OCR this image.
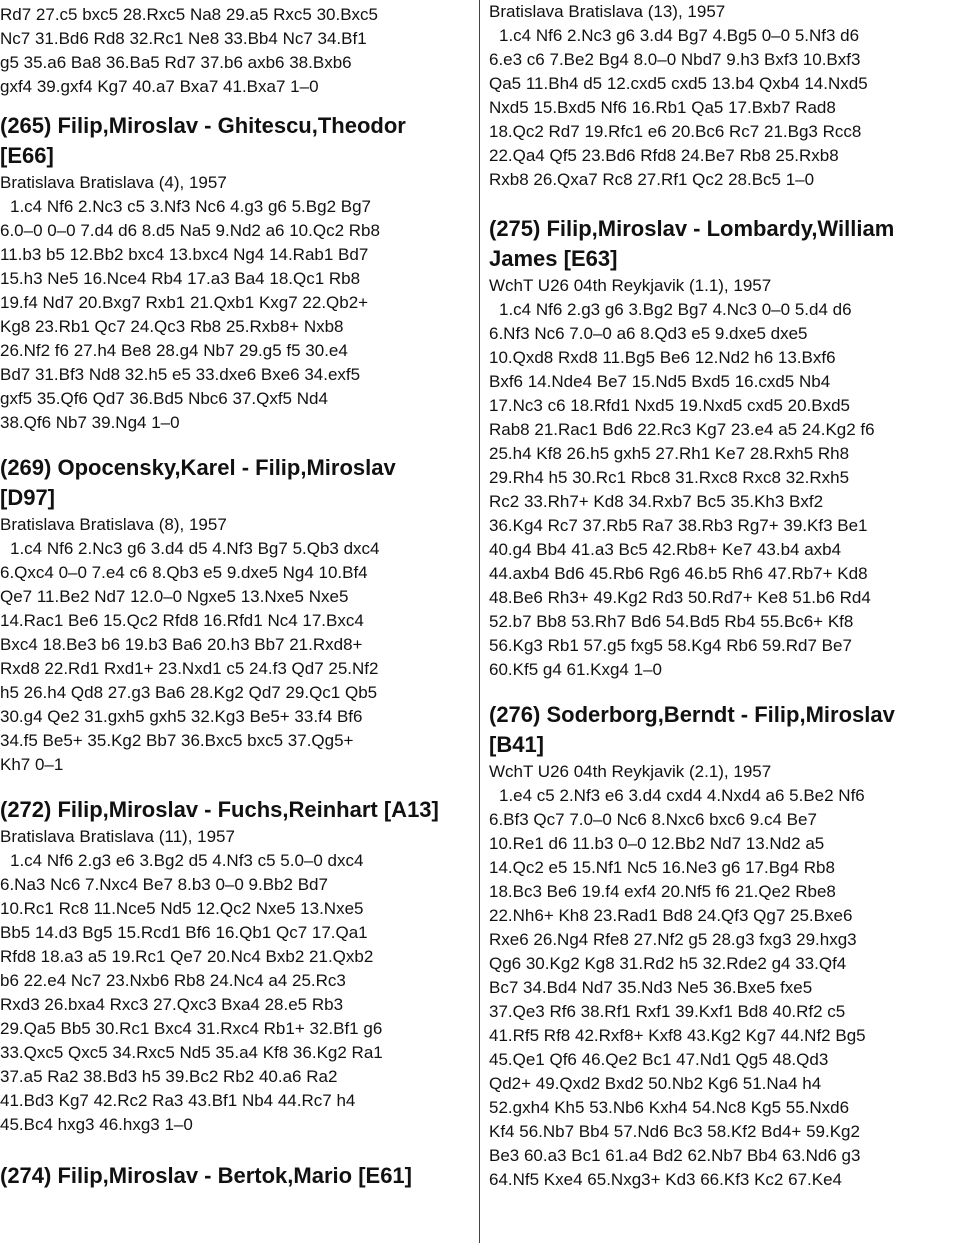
Rd7 27.c5 bxc5 28.Rxc5 Na8 29.a5 Rxc5 30.Bxc5

Nc7 31.Bd6 Rd8 32.Rc1 Ne8 33.Bb4 Nc7 34.Bf1

g5 35.a6 Ba8 36.Ba5 Rd7 37.b6 axb6 38.Bxb6

gxf4 39.gxf4 Kg7 40.a7 Bxa7 41.Bxa7 1–0

(265) Filip,Miroslav - Ghitescu,Theodor

[E66]

Bratislava Bratislava (4), 1957

1.c4 Nf6 2.Nc3 c5 3.Nf3 Nc6 4.g3 g6 5.Bg2 Bg7

6.0–0 0–0 7.d4 d6 8.d5 Na5 9.Nd2 a6 10.Qc2 Rb8

11.b3 b5 12.Bb2 bxc4 13.bxc4 Ng4 14.Rab1 Bd7

15.h3 Ne5 16.Nce4 Rb4 17.a3 Ba4 18.Qc1 Rb8

19.f4 Nd7 20.Bxg7 Rxb1 21.Qxb1 Kxg7 22.Qb2+

Kg8 23.Rb1 Qc7 24.Qc3 Rb8 25.Rxb8+ Nxb8

26.Nf2 f6 27.h4 Be8 28.g4 Nb7 29.g5 f5 30.e4

Bd7 31.Bf3 Nd8 32.h5 e5 33.dxe6 Bxe6 34.exf5

gxf5 35.Qf6 Qd7 36.Bd5 Nbc6 37.Qxf5 Nd4

38.Qf6 Nb7 39.Ng4 1–0

(269) Opocensky,Karel - Filip,Miroslav

[D97]

Bratislava Bratislava (8), 1957

1.c4 Nf6 2.Nc3 g6 3.d4 d5 4.Nf3 Bg7 5.Qb3 dxc4

6.Qxc4 0–0 7.e4 c6 8.Qb3 e5 9.dxe5 Ng4 10.Bf4

Qe7 11.Be2 Nd7 12.0–0 Ngxe5 13.Nxe5 Nxe5

14.Rac1 Be6 15.Qc2 Rfd8 16.Rfd1 Nc4 17.Bxc4

Bxc4 18.Be3 b6 19.b3 Ba6 20.h3 Bb7 21.Rxd8+

Rxd8 22.Rd1 Rxd1+ 23.Nxd1 c5 24.f3 Qd7 25.Nf2

h5 26.h4 Qd8 27.g3 Ba6 28.Kg2 Qd7 29.Qc1 Qb5

30.g4 Qe2 31.gxh5 gxh5 32.Kg3 Be5+ 33.f4 Bf6

34.f5 Be5+ 35.Kg2 Bb7 36.Bxc5 bxc5 37.Qg5+

Kh7 0–1

(272) Filip,Miroslav - Fuchs,Reinhart [A13]

Bratislava Bratislava (11), 1957

1.c4 Nf6 2.g3 e6 3.Bg2 d5 4.Nf3 c5 5.0–0 dxc4

6.Na3 Nc6 7.Nxc4 Be7 8.b3 0–0 9.Bb2 Bd7

10.Rc1 Rc8 11.Nce5 Nd5 12.Qc2 Nxe5 13.Nxe5

Bb5 14.d3 Bg5 15.Rcd1 Bf6 16.Qb1 Qc7 17.Qa1

Rfd8 18.a3 a5 19.Rc1 Qe7 20.Nc4 Bxb2 21.Qxb2

b6 22.e4 Nc7 23.Nxb6 Rb8 24.Nc4 a4 25.Rc3

Rxd3 26.bxa4 Rxc3 27.Qxc3 Bxa4 28.e5 Rb3

29.Qa5 Bb5 30.Rc1 Bxc4 31.Rxc4 Rb1+ 32.Bf1 g6

33.Qxc5 Qxc5 34.Rxc5 Nd5 35.a4 Kf8 36.Kg2 Ra1

37.a5 Ra2 38.Bd3 h5 39.Bc2 Rb2 40.a6 Ra2

41.Bd3 Kg7 42.Rc2 Ra3 43.Bf1 Nb4 44.Rc7 h4

45.Bc4 hxg3 46.hxg3 1–0

(274) Filip,Miroslav - Bertok,Mario [E61]

Bratislava Bratislava (13), 1957

1.c4 Nf6 2.Nc3 g6 3.d4 Bg7 4.Bg5 0–0 5.Nf3 d6

6.e3 c6 7.Be2 Bg4 8.0–0 Nbd7 9.h3 Bxf3 10.Bxf3

Qa5 11.Bh4 d5 12.cxd5 cxd5 13.b4 Qxb4 14.Nxd5

Nxd5 15.Bxd5 Nf6 16.Rb1 Qa5 17.Bxb7 Rad8

18.Qc2 Rd7 19.Rfc1 e6 20.Bc6 Rc7 21.Bg3 Rcc8

22.Qa4 Qf5 23.Bd6 Rfd8 24.Be7 Rb8 25.Rxb8

Rxb8 26.Qxa7 Rc8 27.Rf1 Qc2 28.Bc5 1–0

(275) Filip,Miroslav - Lombardy,William

James [E63]

WchT U26 04th Reykjavik (1.1), 1957

1.c4 Nf6 2.g3 g6 3.Bg2 Bg7 4.Nc3 0–0 5.d4 d6

6.Nf3 Nc6 7.0–0 a6 8.Qd3 e5 9.dxe5 dxe5

10.Qxd8 Rxd8 11.Bg5 Be6 12.Nd2 h6 13.Bxf6

Bxf6 14.Nde4 Be7 15.Nd5 Bxd5 16.cxd5 Nb4

17.Nc3 c6 18.Rfd1 Nxd5 19.Nxd5 cxd5 20.Bxd5

Rab8 21.Rac1 Bd6 22.Rc3 Kg7 23.e4 a5 24.Kg2 f6

25.h4 Kf8 26.h5 gxh5 27.Rh1 Ke7 28.Rxh5 Rh8

29.Rh4 h5 30.Rc1 Rbc8 31.Rxc8 Rxc8 32.Rxh5

Rc2 33.Rh7+ Kd8 34.Rxb7 Bc5 35.Kh3 Bxf2

36.Kg4 Rc7 37.Rb5 Ra7 38.Rb3 Rg7+ 39.Kf3 Be1

40.g4 Bb4 41.a3 Bc5 42.Rb8+ Ke7 43.b4 axb4

44.axb4 Bd6 45.Rb6 Rg6 46.b5 Rh6 47.Rb7+ Kd8

48.Be6 Rh3+ 49.Kg2 Rd3 50.Rd7+ Ke8 51.b6 Rd4

52.b7 Bb8 53.Rh7 Bd6 54.Bd5 Rb4 55.Bc6+ Kf8

56.Kg3 Rb1 57.g5 fxg5 58.Kg4 Rb6 59.Rd7 Be7

60.Kf5 g4 61.Kxg4 1–0

(276) Soderborg,Berndt - Filip,Miroslav

[B41]

WchT U26 04th Reykjavik (2.1), 1957

1.e4 c5 2.Nf3 e6 3.d4 cxd4 4.Nxd4 a6 5.Be2 Nf6

6.Bf3 Qc7 7.0–0 Nc6 8.Nxc6 bxc6 9.c4 Be7

10.Re1 d6 11.b3 0–0 12.Bb2 Nd7 13.Nd2 a5

14.Qc2 e5 15.Nf1 Nc5 16.Ne3 g6 17.Bg4 Rb8

18.Bc3 Be6 19.f4 exf4 20.Nf5 f6 21.Qe2 Rbe8

22.Nh6+ Kh8 23.Rad1 Bd8 24.Qf3 Qg7 25.Bxe6

Rxe6 26.Ng4 Rfe8 27.Nf2 g5 28.g3 fxg3 29.hxg3

Qg6 30.Kg2 Kg8 31.Rd2 h5 32.Rde2 g4 33.Qf4

Bc7 34.Bd4 Nd7 35.Nd3 Ne5 36.Bxe5 fxe5

37.Qe3 Rf6 38.Rf1 Rxf1 39.Kxf1 Bd8 40.Rf2 c5

41.Rf5 Rf8 42.Rxf8+ Kxf8 43.Kg2 Kg7 44.Nf2 Bg5

45.Qe1 Qf6 46.Qe2 Bc1 47.Nd1 Qg5 48.Qd3

Qd2+ 49.Qxd2 Bxd2 50.Nb2 Kg6 51.Na4 h4

52.gxh4 Kh5 53.Nb6 Kxh4 54.Nc8 Kg5 55.Nxd6

Kf4 56.Nb7 Bb4 57.Nd6 Bc3 58.Kf2 Bd4+ 59.Kg2

Be3 60.a3 Bc1 61.a4 Bd2 62.Nb7 Bb4 63.Nd6 g3

64.Nf5 Kxe4 65.Nxg3+ Kd3 66.Kf3 Kc2 67.Ke4
